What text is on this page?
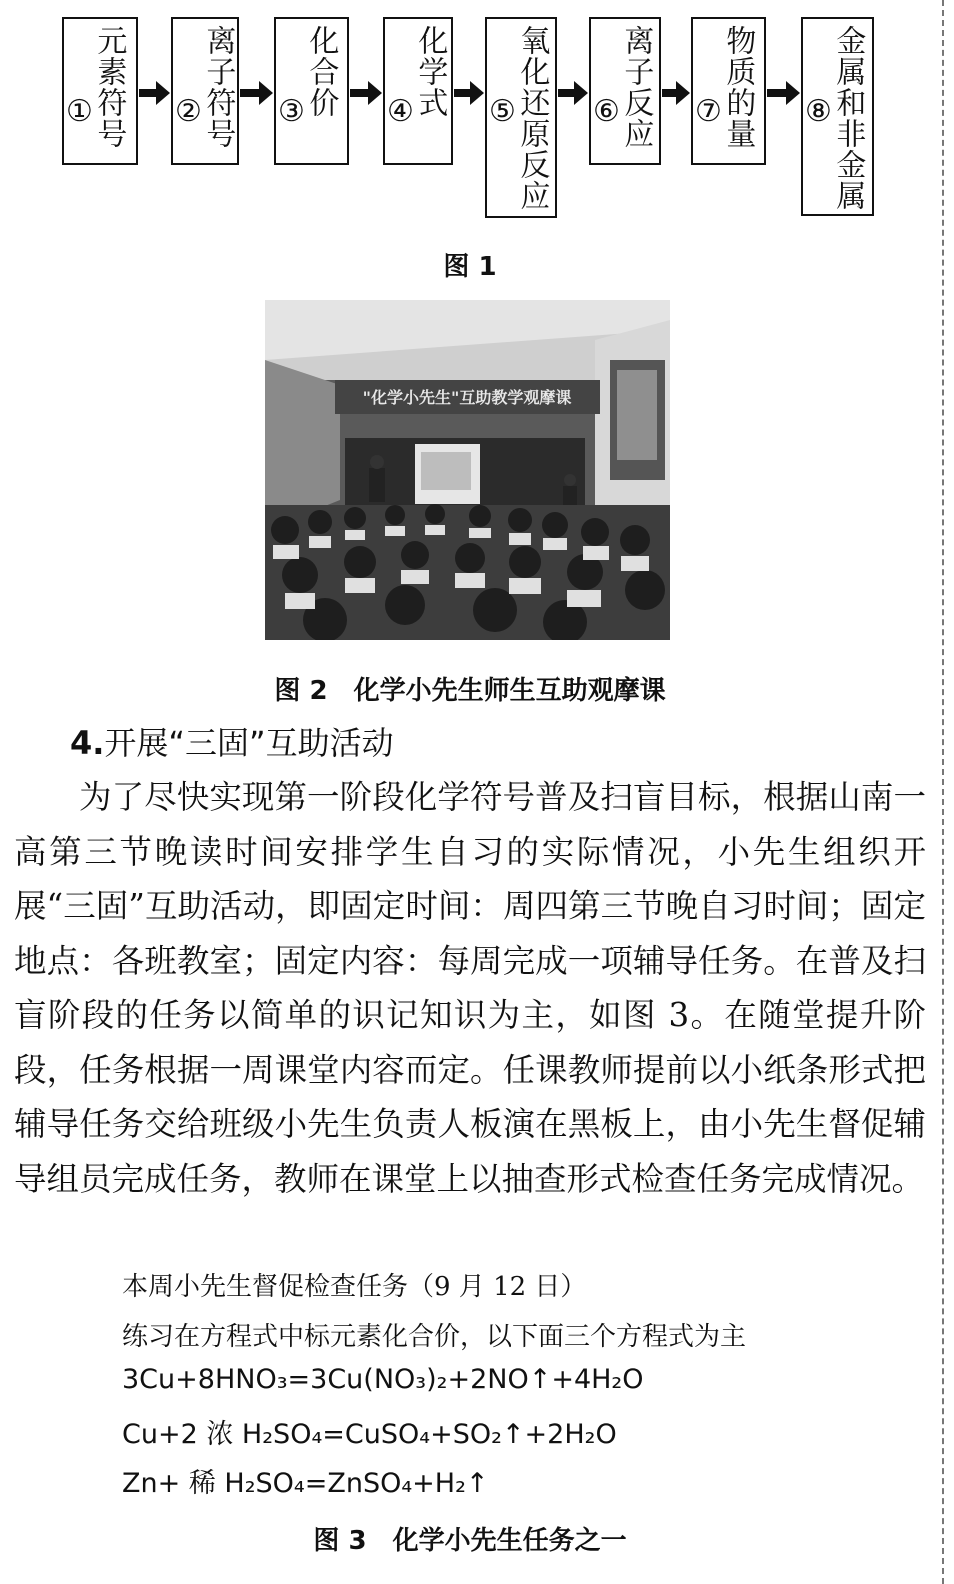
①
元素符号 ②
离子符号 ③
化合价 ④
化学式 ⑤
氧化还原反应 ⑥
离子反应 ⑦
物质的量 ⑧
金属和非金属
图 1
"化学小先生"互助教学观摩课
图 2　化学小先生师生互助观摩课
4.开展“三固”互助活动
为了尽快实现第一阶段化学符号普及扫盲目标，根据山南一高第三节晚读时间安排学生自习的实际情况，小先生组织开展“三固”互助活动，即固定时间：周四第三节晚自习时间；固定地点：各班教室；固定内容：每周完成一项辅导任务。在普及扫盲阶段的任务以简单的识记知识为主，如图 3。在随堂提升阶段，任务根据一周课堂内容而定。任课教师提前以小纸条形式把辅导任务交给班级小先生负责人板演在黑板上，由小先生督促辅导组员完成任务，教师在课堂上以抽查形式检查任务完成情况。
本周小先生督促检查任务（9 月 12 日）
练习在方程式中标元素化合价，以下面三个方程式为主
3Cu+8HNO₃=3Cu(NO₃)₂+2NO↑+4H₂O
Cu+2 浓 H₂SO₄=CuSO₄+SO₂↑+2H₂O
Zn+ 稀 H₂SO₄=ZnSO₄+H₂↑
图 3　化学小先生任务之一
